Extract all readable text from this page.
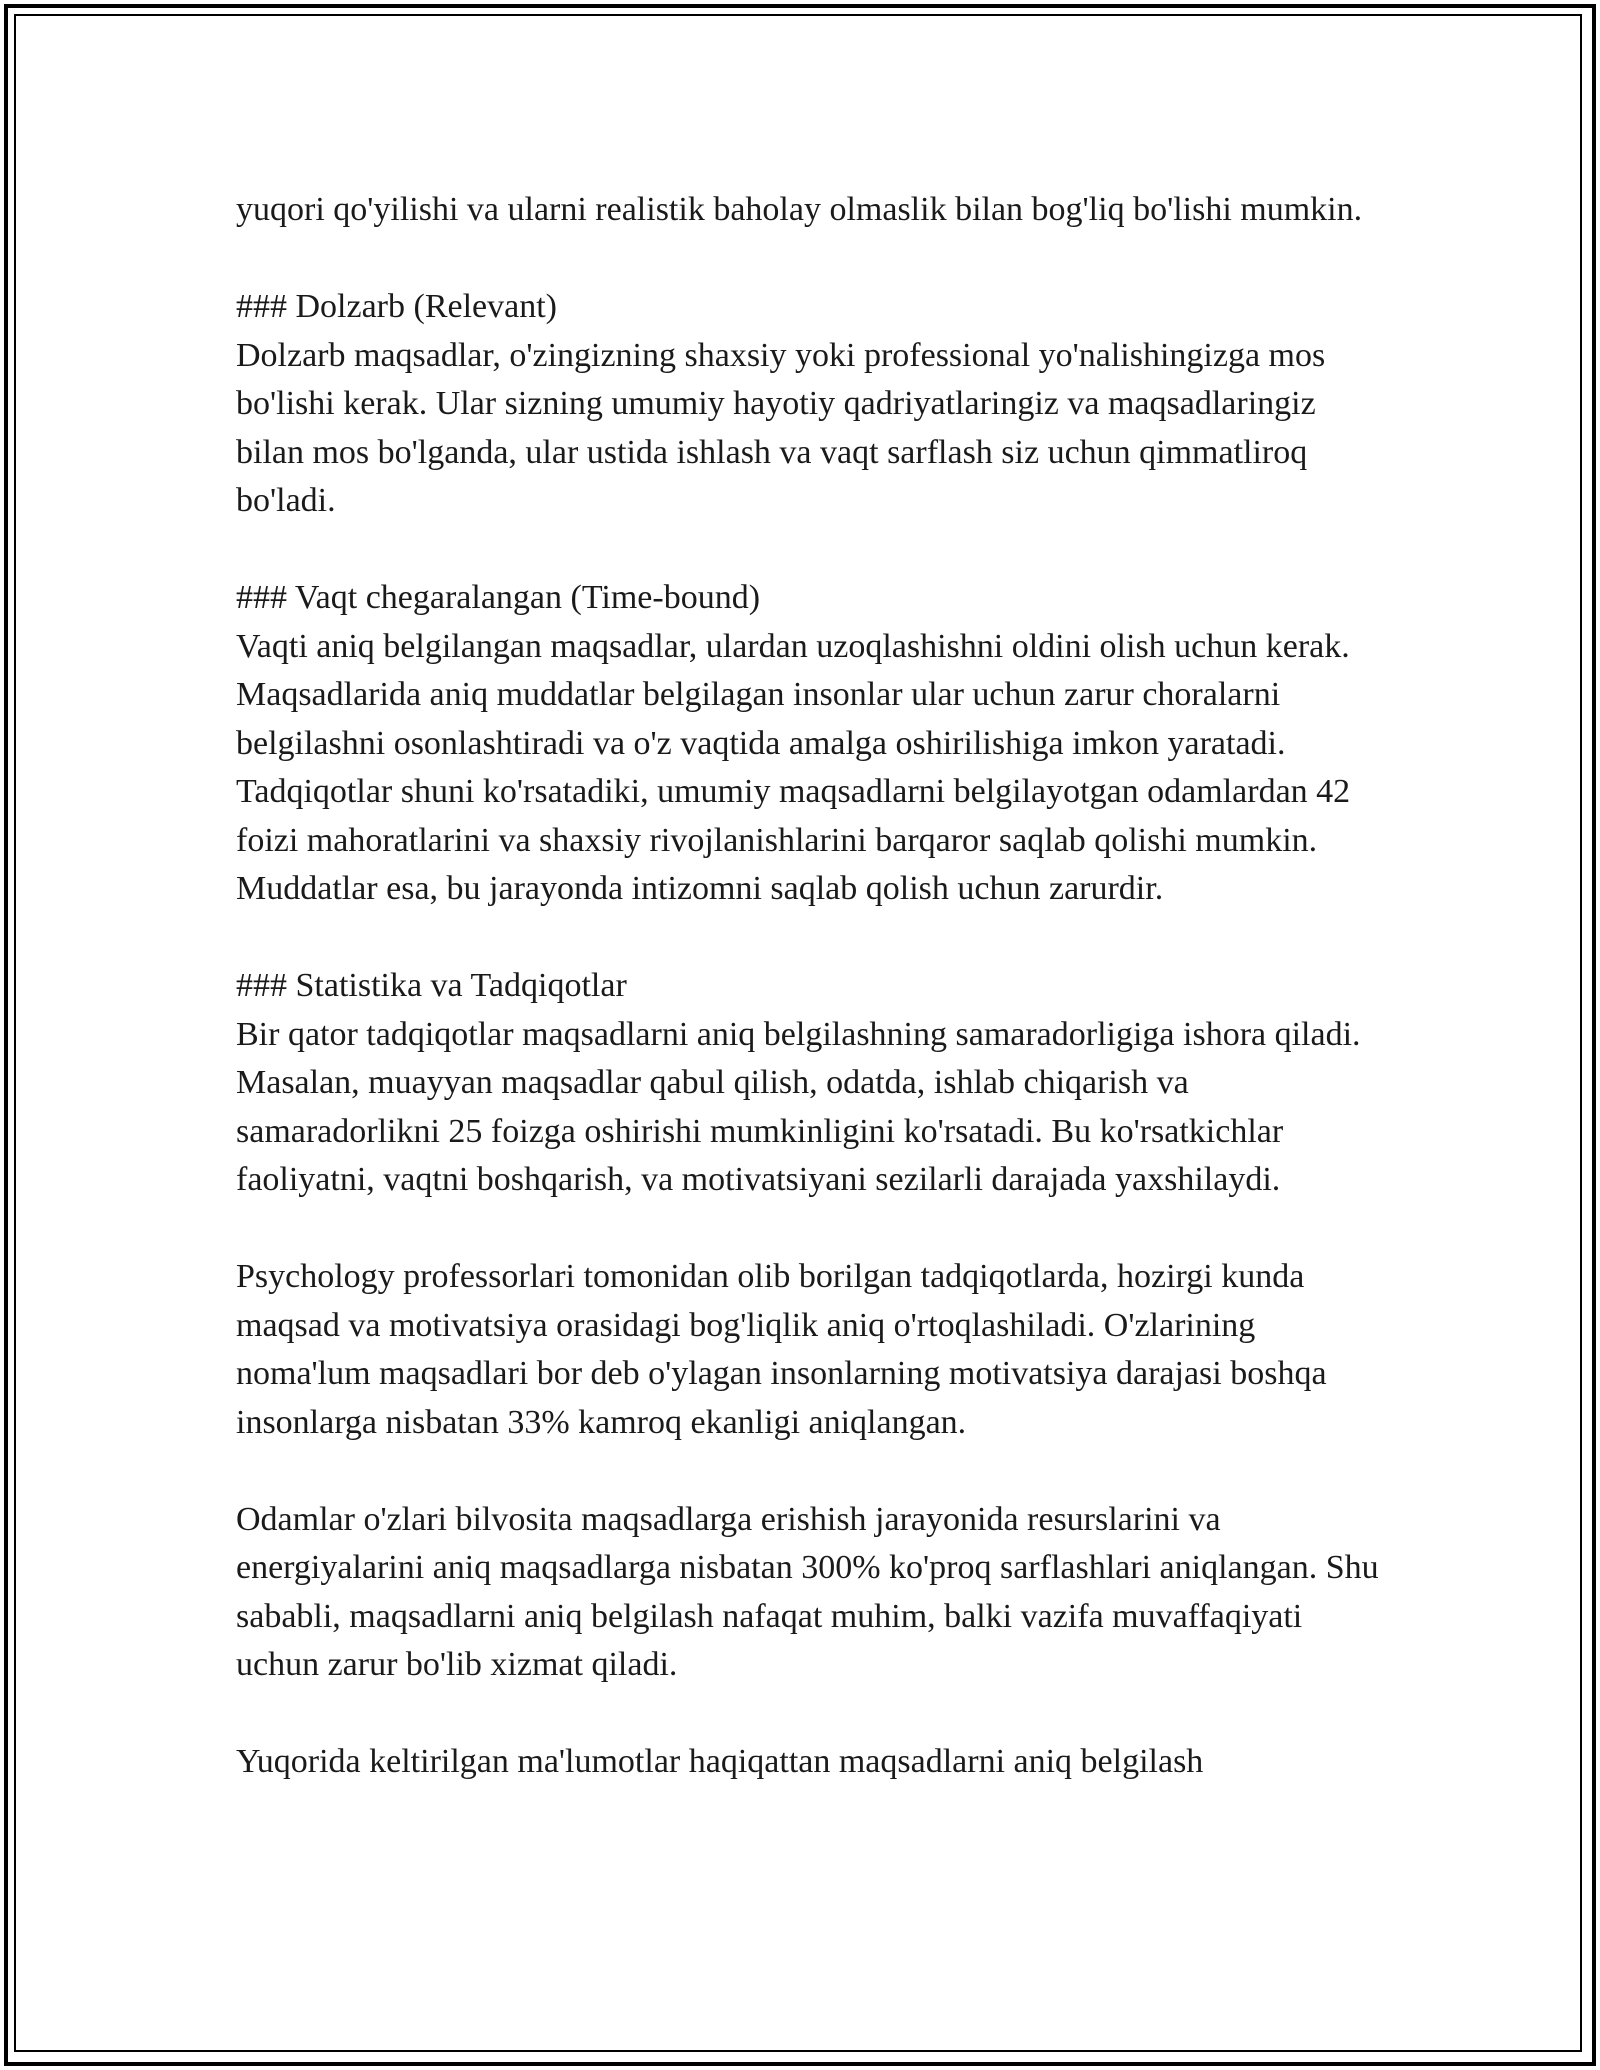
yuqori qo'yilishi va ularni realistik baholay olmaslik bilan bog'liq bo'lishi mumkin.

### Dolzarb (Relevant)

Dolzarb maqsadlar, o'zingizning shaxsiy yoki professional yo'nalishingizga mos bo'lishi kerak. Ular sizning umumiy hayotiy qadriyatlaringiz va maqsadlaringiz bilan mos bo'lganda, ular ustida ishlash va vaqt sarflash siz uchun qimmatliroq bo'ladi.

### Vaqt chegaralangan (Time-bound)

Vaqti aniq belgilangan maqsadlar, ulardan uzoqlashishni oldini olish uchun kerak. Maqsadlarida aniq muddatlar belgilagan insonlar ular uchun zarur choralarni belgilashni osonlashtiradi va o'z vaqtida amalga oshirilishiga imkon yaratadi. Tadqiqotlar shuni ko'rsatadiki, umumiy maqsadlarni belgilayotgan odamlardan 42 foizi mahoratlarini va shaxsiy rivojlanishlarini barqaror saqlab qolishi mumkin. Muddatlar esa, bu jarayonda intizomni saqlab qolish uchun zarurdir.

### Statistika va Tadqiqotlar

Bir qator tadqiqotlar maqsadlarni aniq belgilashning samaradorligiga ishora qiladi. Masalan, muayyan maqsadlar qabul qilish, odatda, ishlab chiqarish va samaradorlikni 25 foizga oshirishi mumkinligini ko'rsatadi. Bu ko'rsatkichlar faoliyatni, vaqtni boshqarish, va motivatsiyani sezilarli darajada yaxshilaydi.

Psychology professorlari tomonidan olib borilgan tadqiqotlarda, hozirgi kunda maqsad va motivatsiya orasidagi bog'liqlik aniq o'rtoqlashiladi. O'zlarining noma'lum maqsadlari bor deb o'ylagan insonlarning motivatsiya darajasi boshqa insonlarga nisbatan 33% kamroq ekanligi aniqlangan.

Odamlar o'zlari bilvosita maqsadlarga erishish jarayonida resurslarini va energiyalarini aniq maqsadlarga nisbatan 300% ko'proq sarflashlari aniqlangan. Shu sababli, maqsadlarni aniq belgilash nafaqat muhim, balki vazifa muvaffaqiyati uchun zarur bo'lib xizmat qiladi.

Yuqorida keltirilgan ma'lumotlar haqiqattan maqsadlarni aniq belgilash
